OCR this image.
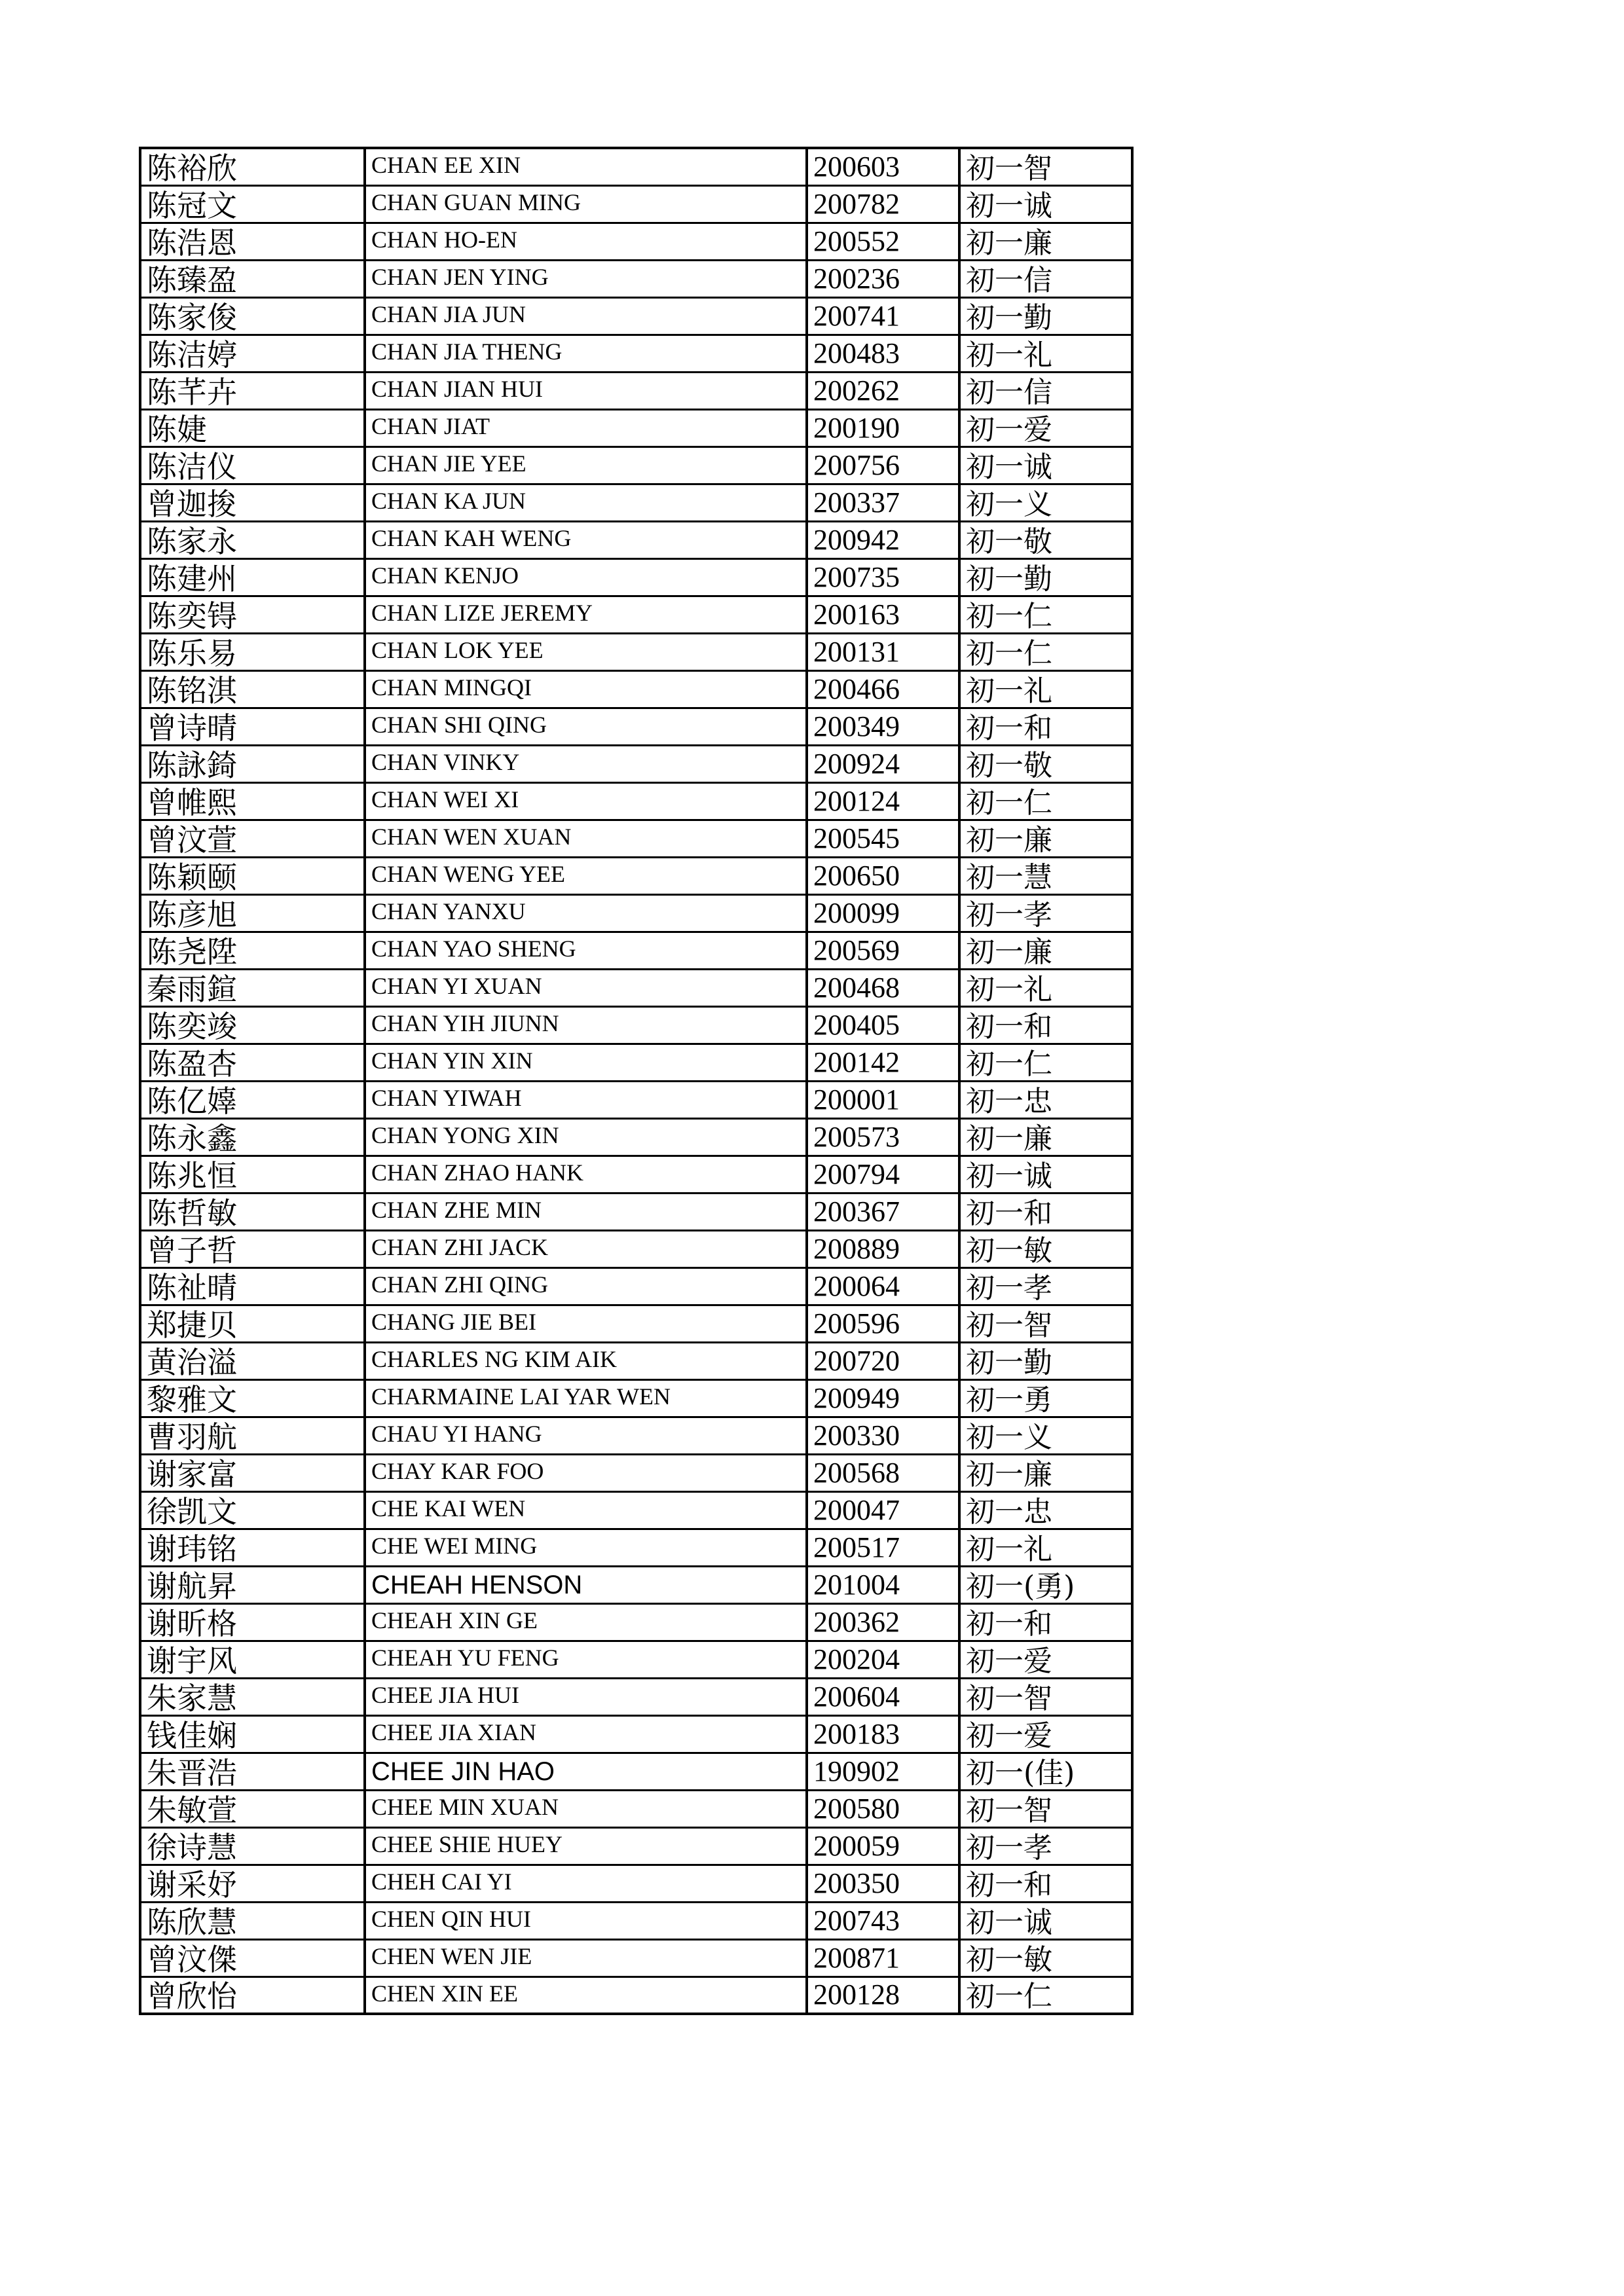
陈裕欣	CHAN EE XIN	200603	初一智
陈冠文	CHAN GUAN MING	200782	初一诚
陈浩恩	CHAN HO-EN	200552	初一廉
陈臻盈	CHAN JEN YING	200236	初一信
陈家俊	CHAN JIA JUN	200741	初一勤
陈洁婷	CHAN JIA THENG	200483	初一礼
陈芊卉	CHAN JIAN HUI	200262	初一信
陈婕	CHAN JIAT	200190	初一爱
陈洁仪	CHAN JIE YEE	200756	初一诚
曾迦捘	CHAN KA JUN	200337	初一义
陈家永	CHAN KAH WENG	200942	初一敬
陈建州	CHAN KENJO	200735	初一勤
陈奕锝	CHAN LIZE JEREMY	200163	初一仁
陈乐易	CHAN LOK YEE	200131	初一仁
陈铭淇	CHAN MINGQI	200466	初一礼
曾诗晴	CHAN SHI QING	200349	初一和
陈詠錡	CHAN VINKY	200924	初一敬
曾帷熙	CHAN WEI XI	200124	初一仁
曾汶萱	CHAN WEN XUAN	200545	初一廉
陈颖颐	CHAN WENG YEE	200650	初一慧
陈彦旭	CHAN YANXU	200099	初一孝
陈尧陞	CHAN YAO SHENG	200569	初一廉
秦雨鍹	CHAN YI XUAN	200468	初一礼
陈奕竣	CHAN YIH JIUNN	200405	初一和
陈盈杏	CHAN YIN XIN	200142	初一仁
陈亿嫴	CHAN YIWAH	200001	初一忠
陈永鑫	CHAN YONG XIN	200573	初一廉
陈兆恒	CHAN ZHAO HANK	200794	初一诚
陈哲敏	CHAN ZHE MIN	200367	初一和
曾子哲	CHAN ZHI JACK	200889	初一敏
陈祉晴	CHAN ZHI QING	200064	初一孝
郑捷贝	CHANG JIE BEI	200596	初一智
黄治溢	CHARLES NG KIM AIK	200720	初一勤
黎雅文	CHARMAINE LAI YAR WEN	200949	初一勇
曹羽航	CHAU YI HANG	200330	初一义
谢家富	CHAY KAR FOO	200568	初一廉
徐凯文	CHE KAI WEN	200047	初一忠
谢玮铭	CHE WEI MING	200517	初一礼
谢航昇	CHEAH HENSON	201004	初一(勇)
谢昕格	CHEAH XIN GE	200362	初一和
谢宇风	CHEAH YU FENG	200204	初一爱
朱家慧	CHEE JIA HUI	200604	初一智
钱佳娴	CHEE JIA XIAN	200183	初一爱
朱晋浩	CHEE JIN HAO	190902	初一(佳)
朱敏萱	CHEE MIN XUAN	200580	初一智
徐诗慧	CHEE SHIE HUEY	200059	初一孝
谢采妤	CHEH CAI YI	200350	初一和
陈欣慧	CHEN QIN HUI	200743	初一诚
曾汶傑	CHEN WEN JIE	200871	初一敏
曾欣怡	CHEN XIN EE	200128	初一仁
